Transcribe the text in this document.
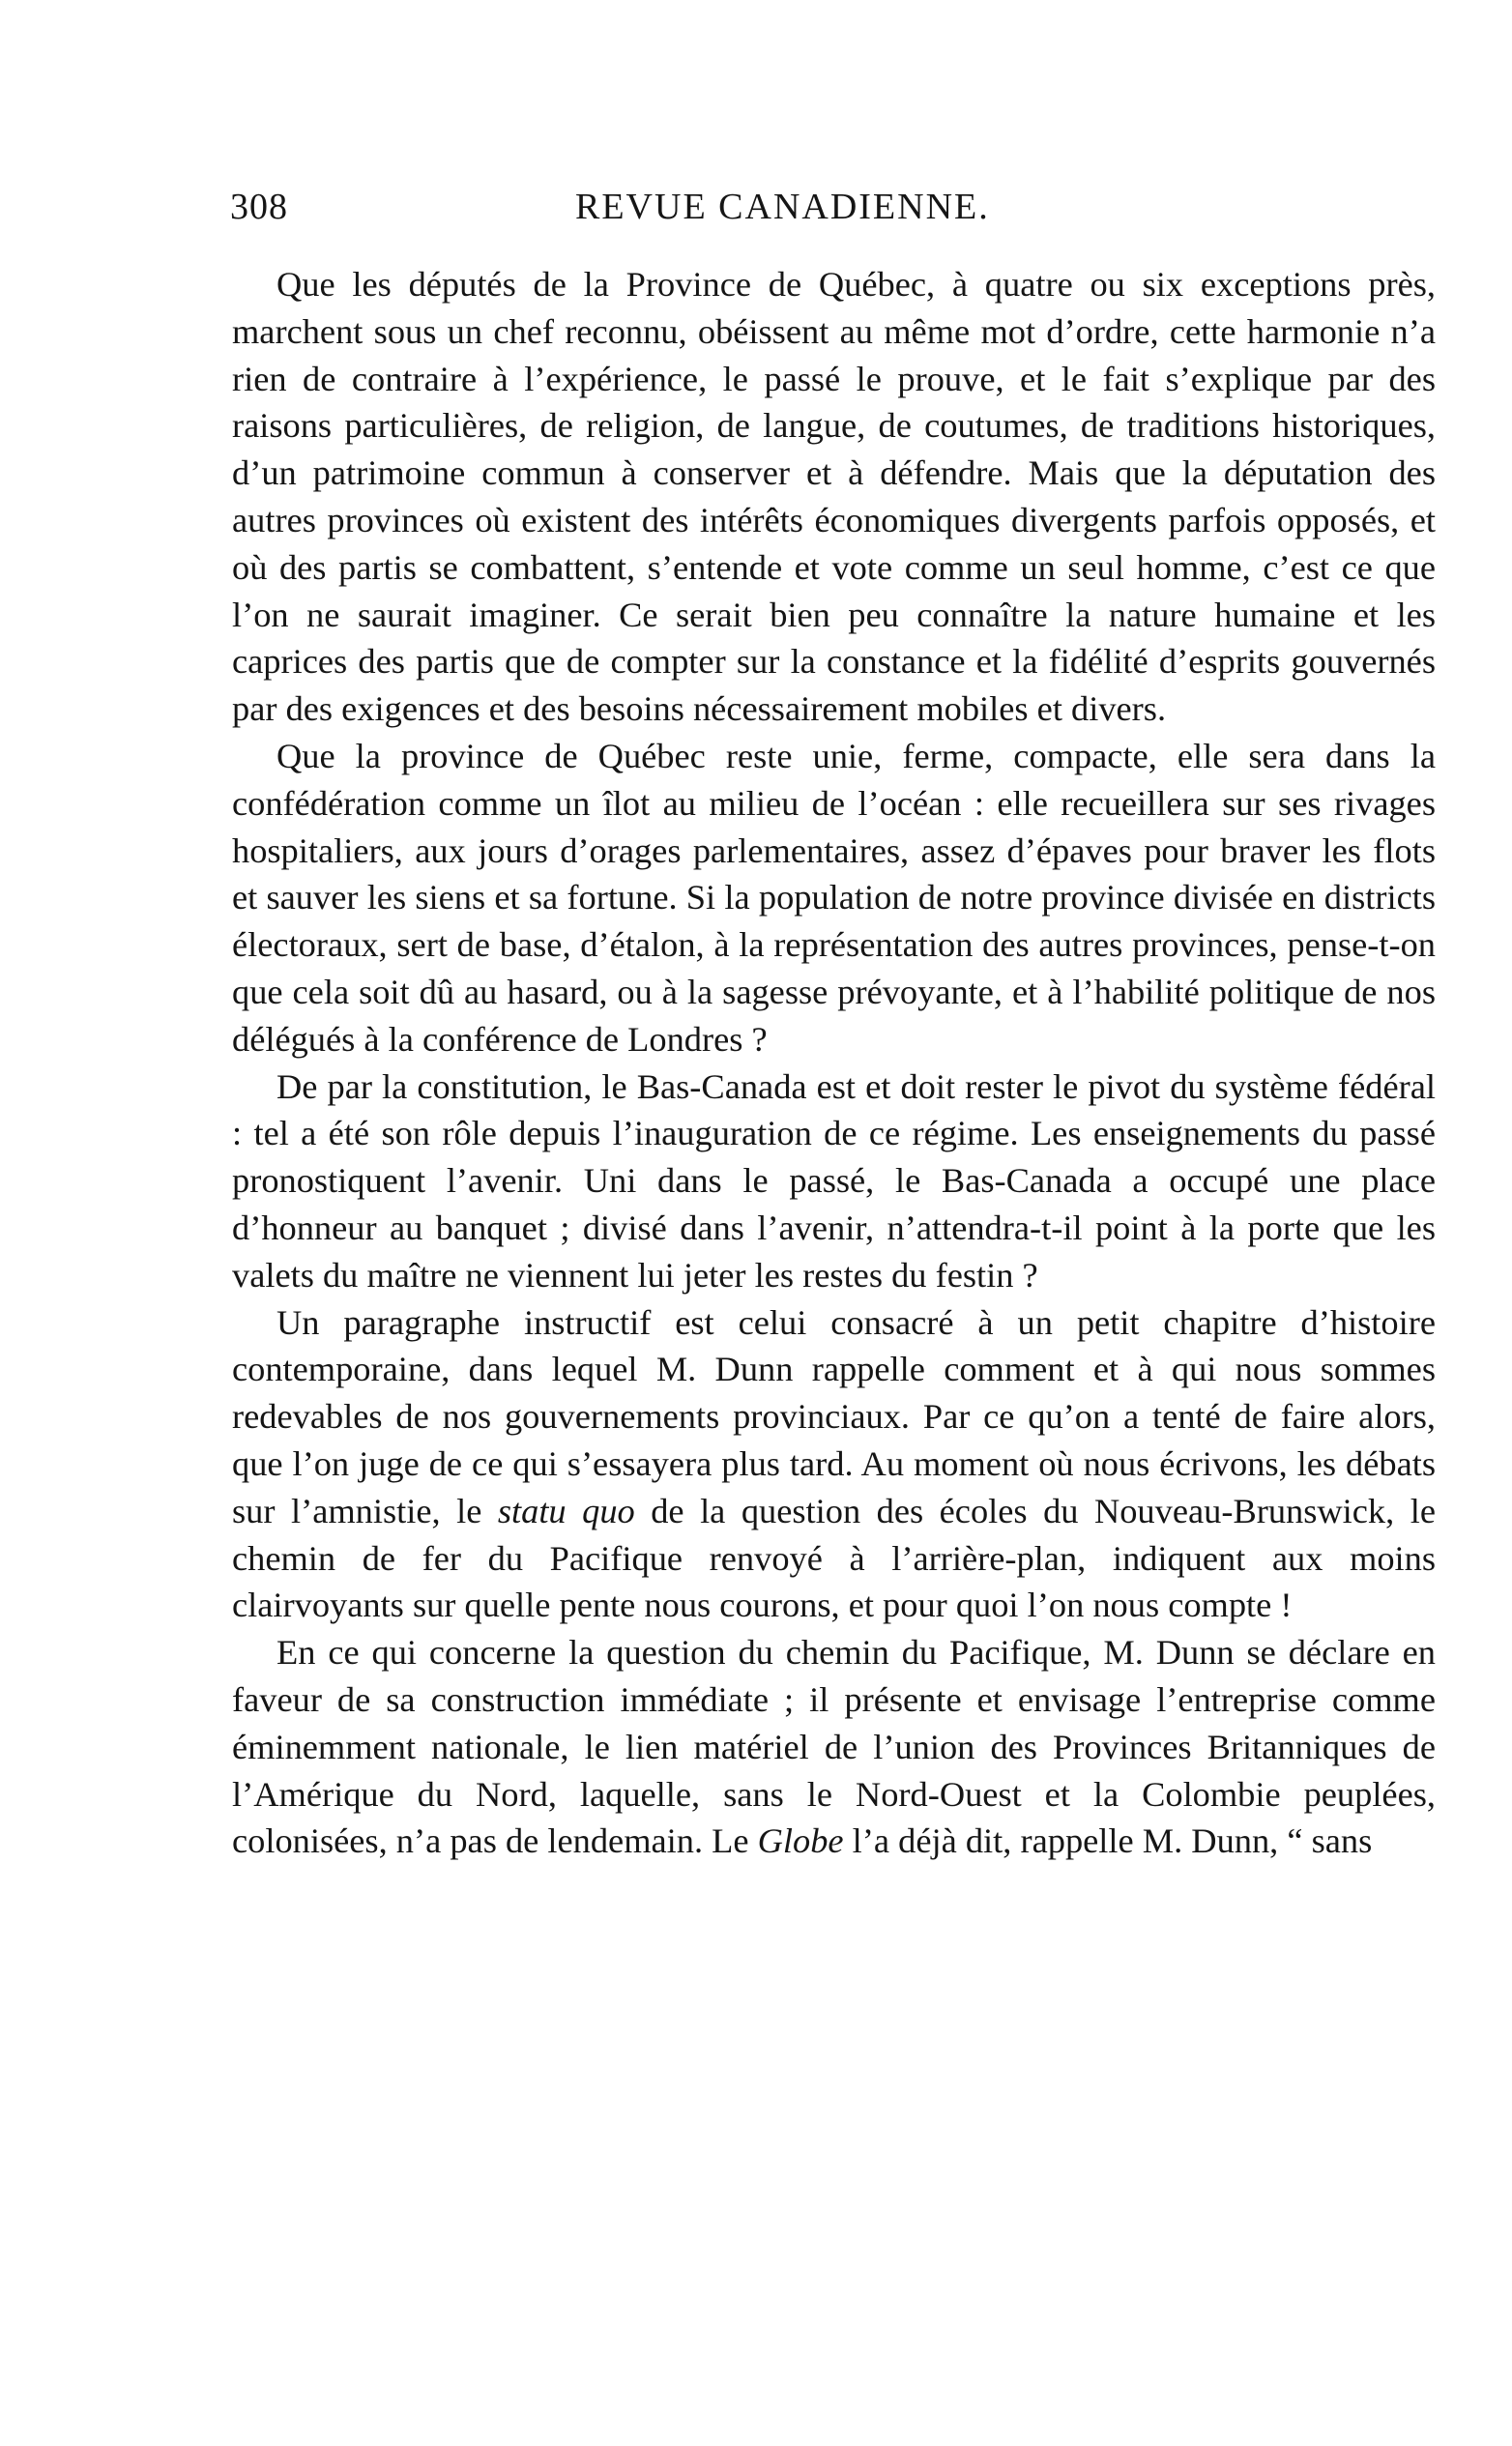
308	REVUE CANADIENNE.

Que les députés de la Province de Québec, à quatre ou six exceptions près, marchent sous un chef reconnu, obéissent au même mot d’ordre, cette harmonie n’a rien de contraire à l’expérience, le passé le prouve, et le fait s’explique par des raisons particulières, de religion, de langue, de coutumes, de traditions historiques, d’un patrimoine commun à conserver et à défendre. Mais que la députation des autres provinces où existent des intérêts économiques divergents parfois opposés, et où des partis se combattent, s’entende et vote comme un seul homme, c’est ce que l’on ne saurait imaginer. Ce serait bien peu connaître la nature humaine et les caprices des partis que de compter sur la constance et la fidélité d’esprits gouvernés par des exigences et des besoins nécessairement mobiles et divers.

Que la province de Québec reste unie, ferme, compacte, elle sera dans la confédération comme un îlot au milieu de l’océan : elle recueillera sur ses rivages hospitaliers, aux jours d’orages parlementaires, assez d’épaves pour braver les flots et sauver les siens et sa fortune. Si la population de notre province divisée en districts électoraux, sert de base, d’étalon, à la représentation des autres provinces, pense-t-on que cela soit dû au hasard, ou à la sagesse prévoyante, et à l’habilité politique de nos délégués à la conférence de Londres ?

De par la constitution, le Bas-Canada est et doit rester le pivot du système fédéral : tel a été son rôle depuis l’inauguration de ce régime. Les enseignements du passé pronostiquent l’avenir. Uni dans le passé, le Bas-Canada a occupé une place d’honneur au banquet ; divisé dans l’avenir, n’attendra-t-il point à la porte que les valets du maître ne viennent lui jeter les restes du festin ?

Un paragraphe instructif est celui consacré à un petit chapitre d’histoire contemporaine, dans lequel M. Dunn rappelle comment et à qui nous sommes redevables de nos gouvernements provinciaux. Par ce qu’on a tenté de faire alors, que l’on juge de ce qui s’essayera plus tard. Au moment où nous écrivons, les débats sur l’amnistie, le statu quo de la question des écoles du Nouveau-Brunswick, le chemin de fer du Pacifique renvoyé à l’arrière-plan, indiquent aux moins clairvoyants sur quelle pente nous courons, et pour quoi l’on nous compte !

En ce qui concerne la question du chemin du Pacifique, M. Dunn se déclare en faveur de sa construction immédiate ; il présente et envisage l’entreprise comme éminemment nationale, le lien matériel de l’union des Provinces Britanniques de l’Amérique du Nord, laquelle, sans le Nord-Ouest et la Colombie peuplées, colonisées, n’a pas de lendemain. Le Globe l’a déjà dit, rappelle M. Dunn, “ sans
